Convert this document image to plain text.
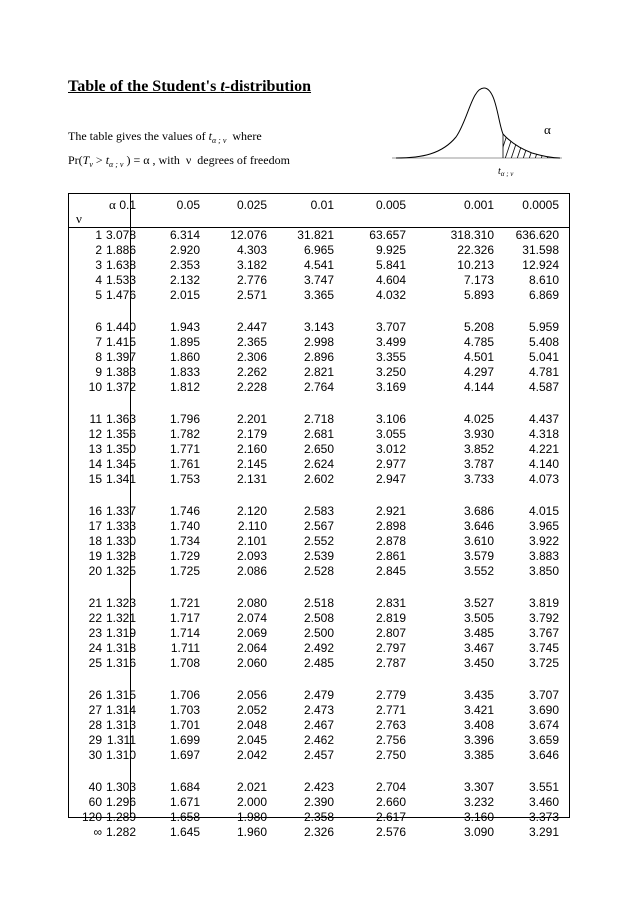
Table of the Student's t-distribution
The table gives the values of $t_{\alpha ; \nu}$  where
$Pr(T_\nu > t_{\alpha ; \nu}$ ) = α , with  ν  degrees of freedom
α
$t_{\alpha ; \nu}$
α
ν
0.1	0.05	0.025	0.01	0.005	0.001	0.0005
1 3.078	6.314	12.076	31.821	63.657	318.310	636.620
2 1.886	2.920	4.303	6.965	9.925	22.326	31.598
3 1.638	2.353	3.182	4.541	5.841	10.213	12.924
4 1.533	2.132	2.776	3.747	4.604	7.173	8.610
5 1.476	2.015	2.571	3.365	4.032	5.893	6.869
6 1.440	1.943	2.447	3.143	3.707	5.208	5.959
7 1.415	1.895	2.365	2.998	3.499	4.785	5.408
8 1.397	1.860	2.306	2.896	3.355	4.501	5.041
9 1.383	1.833	2.262	2.821	3.250	4.297	4.781
10 1.372	1.812	2.228	2.764	3.169	4.144	4.587
11 1.363	1.796	2.201	2.718	3.106	4.025	4.437
12 1.356	1.782	2.179	2.681	3.055	3.930	4.318
13 1.350	1.771	2.160	2.650	3.012	3.852	4.221
14 1.345	1.761	2.145	2.624	2.977	3.787	4.140
15 1.341	1.753	2.131	2.602	2.947	3.733	4.073
16 1.337	1.746	2.120	2.583	2.921	3.686	4.015
17 1.333	1.740	2.110	2.567	2.898	3.646	3.965
18 1.330	1.734	2.101	2.552	2.878	3.610	3.922
19 1.328	1.729	2.093	2.539	2.861	3.579	3.883
20 1.325	1.725	2.086	2.528	2.845	3.552	3.850
21 1.323	1.721	2.080	2.518	2.831	3.527	3.819
22 1.321	1.717	2.074	2.508	2.819	3.505	3.792
23 1.319	1.714	2.069	2.500	2.807	3.485	3.767
24 1.318	1.711	2.064	2.492	2.797	3.467	3.745
25 1.316	1.708	2.060	2.485	2.787	3.450	3.725
26 1.315	1.706	2.056	2.479	2.779	3.435	3.707
27 1.314	1.703	2.052	2.473	2.771	3.421	3.690
28 1.313	1.701	2.048	2.467	2.763	3.408	3.674
29 1.311	1.699	2.045	2.462	2.756	3.396	3.659
30 1.310	1.697	2.042	2.457	2.750	3.385	3.646
40 1.303	1.684	2.021	2.423	2.704	3.307	3.551
60 1.296	1.671	2.000	2.390	2.660	3.232	3.460
120 1.289	1.658	1.980	2.358	2.617	3.160	3.373
∞ 1.282	1.645	1.960	2.326	2.576	3.090	3.291
